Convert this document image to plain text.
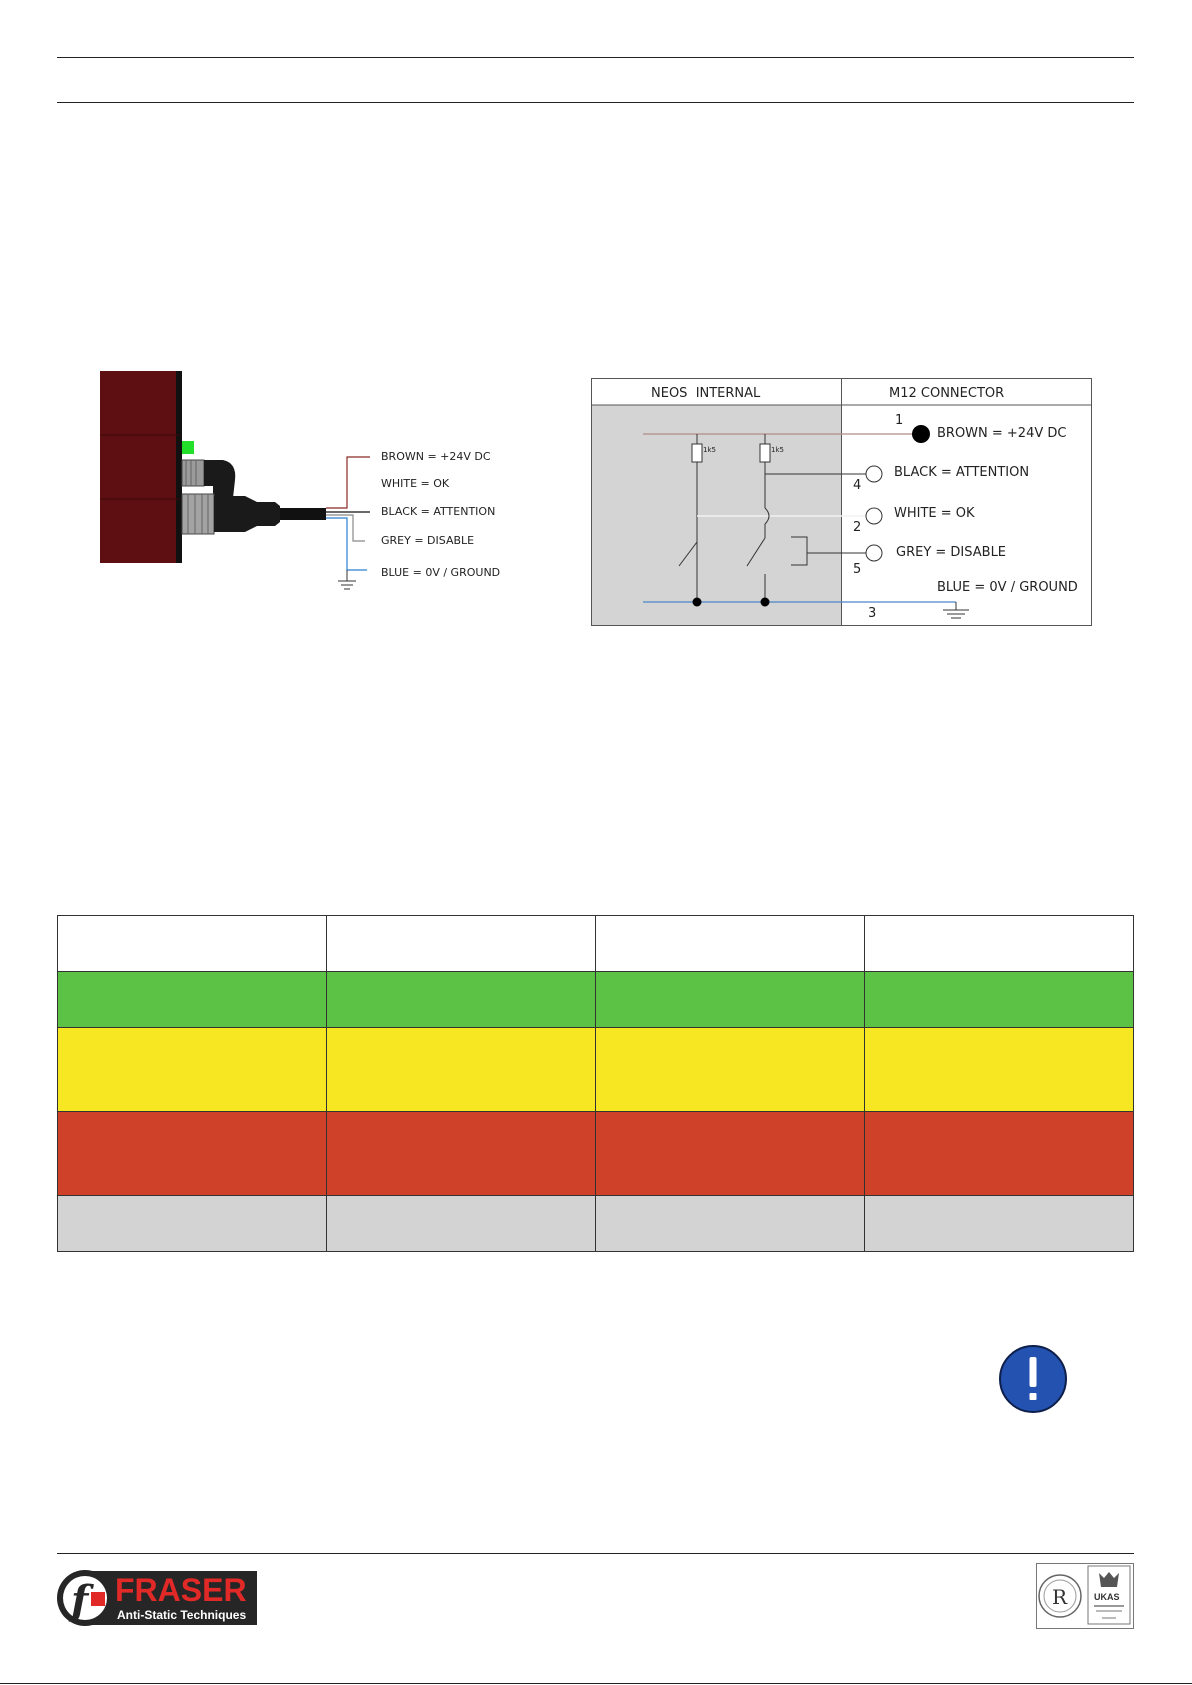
BROWN = +24V DC
WHITE = OK
BLACK = ATTENTION
GREY = DISABLE
BLUE = 0V / GROUND
NEOS  INTERNAL	M12 CONNECTOR
1k5	1k5
1
BROWN = +24V DC
4
BLACK = ATTENTION
2
WHITE = OK
5
GREY = DISABLE
3
BLUE = 0V / GROUND

f FRASER
Anti-Static Techniques
R	UKAS
